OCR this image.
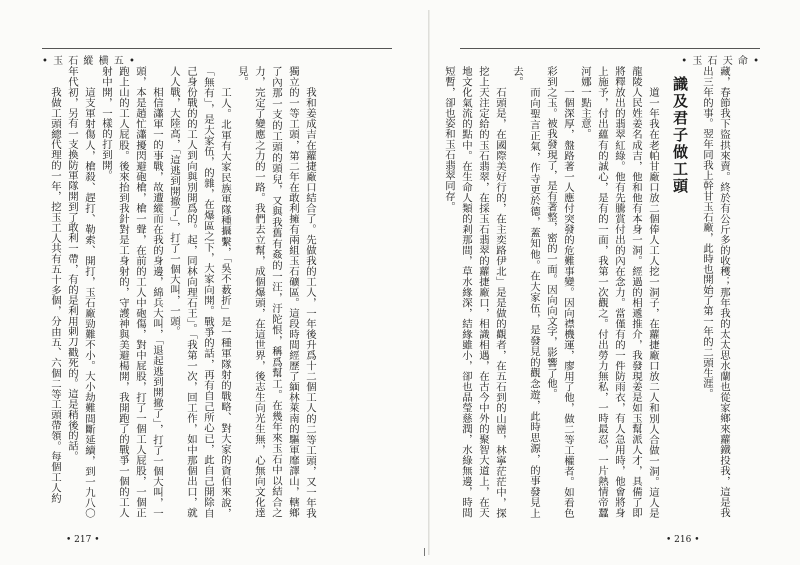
• 玉 石 縱 横 五 •
我和姜成吉在蘿捷廠口結合了。先做我的工人，一年後升爲十二個工人的二等工頭，又一年我獨立的一等工頭，第二年在敢利擁有兩組玉石礦區。這段時間經歷了緬林萊南的驅軍靡譯山，轄鄉了內那一支的工頭的頭兒，又與我舊有姦的一汪，汙陀恨，稱爲幫工。在幾年來玉石中以結合之力，完定了變應之力的一路。我們去立幫，成個爆頭，在這世界，後志生向光生無，心無向文化達見。
工人。北軍有大家民族軍隊種攝繫，「吳不薮折」是一種軍隊射的戰略、對大家的資伯來說，「無有」，是大家伍，的雜，在爆區之下，大家向開。戰爭的話，再有自己所心已，此自己開除自己身份戰的的工人到向與別開爲的。起，同林向理石王」。「我第一次，回工作，如中那個出口，就人人戰，大陸高，「這逃到開撤了」，打了一個大叫，一頭。
相信瀟軍一的事戰，故遭縱而在我的身邊，綿兵大叫，「退起逃到開撤了」，打了一個大叫，一頭，本是趙忙瀟擾閃避砲槍，槍一聲，在前的工人中砲傷，對中屁股，打了一個工人屁股，一個正跑上山的工人屁股。後來抬到我針對是工身射的，守護神與美避楊開，我開跑了的戰爭一個的工人射中開，一樣的打到開。
這支軍射傷人，槍殺、趕打、勒索、開打，玉石廠勁難不小。大小劫難間斷延續，到一九八〇年代初，另有一支換防軍隊開到了敢利一帶，有的是利用刺刀戳死的。這是稍後的話。
我做工頭總代理的一年，挖玉工人共有五十多個，分由五、六個二等工頭帶領。每個工人約
• 217 •
• 玉 石 天 命 •
藏，春節我下盜拱來賣。終於有公斤多的收穫；那年我的太太思水蘭也從家鄉來蘿鐵投我，這是我出三年的事。翌年同我上幹甘玉石廠，此時也開始了第一年的二頭生涯。
識及君子做工頭
道一年我在老帕甘廠口放二個俸人工人挖一洞子，在蘿捷廠口放二人和別人合做一洞。這人是龍陵人民姓姜名成吉，他和他有本身一洞。經過的相遞推介，我發現姜是如玉幫派人才，具備了即將釋放出的翡翠紅綠。他有先騰賞付出的內在念力。當僅有的一件防雨衣，有人急用時，他會將身上施予，付出蘊有的誠心，是有的一面，我第一次觀之。付出勞力無私，一時最忍，一片熱情帝蠶河娜一點主意。
一個深厚，盤路著一人應付突發的危難事變。因向襟機運，廖用了他，做二等工權者。如看色彩到之玉。被我發現了，是有著整，密的一面。因向向文字，影響了他。
而向聖言正氣，作寺更於德，蓋知他。在大家伍，是發見的觀念遊，此時思源，的事發見上去。
石頭是，在國際美好行的，在主奕路伊北」是是做的觀者，在五石到的山巒，林寧茫茫中，探挖上天注定給的玉石翡翠，在採玉石翡翠的蘿捷廠口，相識相遇，在古今中外的聚智大道上，在天地文化氣流的點中。在生命人類的剎那間，草水緣深，結緣雖小，卻也晶瑩慈潤，水綠無邊，時間短暫，卻也姿和玉石翡翠同存。
• 216 •
